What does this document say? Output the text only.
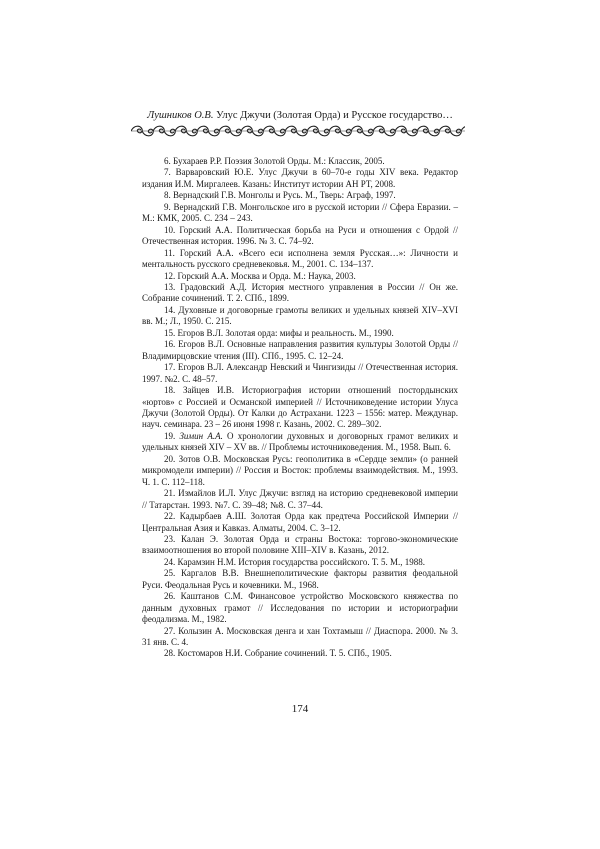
Лушников О.В. Улус Джучи (Золотая Орда) и Русское государство…

6. Бухараев Р.Р. Поэзия Золотой Орды. М.: Классик, 2005.

7. Варваровский Ю.Е. Улус Джучи в 60–70-е годы XIV века. Редактор издания И.М. Миргалеев. Казань: Институт истории АН РТ, 2008.

8. Вернадский Г.В. Монголы и Русь. М., Тверь: Аграф, 1997.

9. Вернадский Г.В. Монгольское иго в русской истории // Сфера Евразии. – М.: КМК, 2005. С. 234 – 243.

10. Горский А.А. Политическая борьба на Руси и отношения с Ордой // Отечественная история. 1996. № 3. С. 74–92.

11. Горский А.А. «Всего еси исполнена земля Русская…»: Личности и ментальность русского средневековья. М., 2001. С. 134–137.

12. Горский А.А. Москва и Орда. М.: Наука, 2003.

13. Градовский А.Д. История местного управления в России // Он же. Собрание сочинений. Т. 2. СПб., 1899.

14. Духовные и договорные грамоты великих и удельных князей XIV–XVI вв. М.; Л., 1950. С. 215.

15. Егоров В.Л. Золотая орда: мифы и реальность. М., 1990.

16. Егоров В.Л. Основные направления развития культуры Золотой Орды // Владимирцовские чтения (III). СПб., 1995. С. 12–24.

17. Егоров В.Л. Александр Невский и Чингизиды // Отечественная история. 1997. №2. С. 48–57.

18. Зайцев И.В. Историография истории отношений постордынских «юртов» с Россией и Османской империей // Источниковедение истории Улуса Джучи (Золотой Орды). От Калки до Астрахани. 1223 – 1556: матер. Междунар. науч. семинара. 23 – 26 июня 1998 г. Казань, 2002. С. 289–302.

19. Зимин А.А. О хронологии духовных и договорных грамот великих и удельных князей XIV – XV вв. // Проблемы источниковедения. М., 1958. Вып. 6.

20. Зотов О.В. Московская Русь: геополитика в «Сердце земли» (о ранней микромодели империи) // Россия и Восток: проблемы взаимодействия. М., 1993. Ч. 1. С. 112–118.

21. Измайлов И.Л. Улус Джучи: взгляд на историю средневековой империи // Татарстан. 1993. №7. С. 39–48; №8. С. 37–44.

22. Кадырбаев А.Ш. Золотая Орда как предтеча Российской Империи // Центральная Азия и Кавказ. Алматы, 2004. С. 3–12.

23. Калан Э. Золотая Орда и страны Востока: торгово-экономические взаимоотношения во второй половине XIII–XIV в. Казань, 2012.

24. Карамзин Н.М. История государства российского. Т. 5. М., 1988.

25. Каргалов В.В. Внешнеполитические факторы развития феодальной Руси. Феодальная Русь и кочевники. М., 1968.

26. Каштанов С.М. Финансовое устройство Московского княжества по данным духовных грамот // Исследования по истории и историографии феодализма. М., 1982.

27. Колызин А. Московская денга и хан Тохтамыш // Диаспора. 2000. № 3. 31 янв. С. 4.

28. Костомаров Н.И. Собрание сочинений. Т. 5. СПб., 1905.

174
